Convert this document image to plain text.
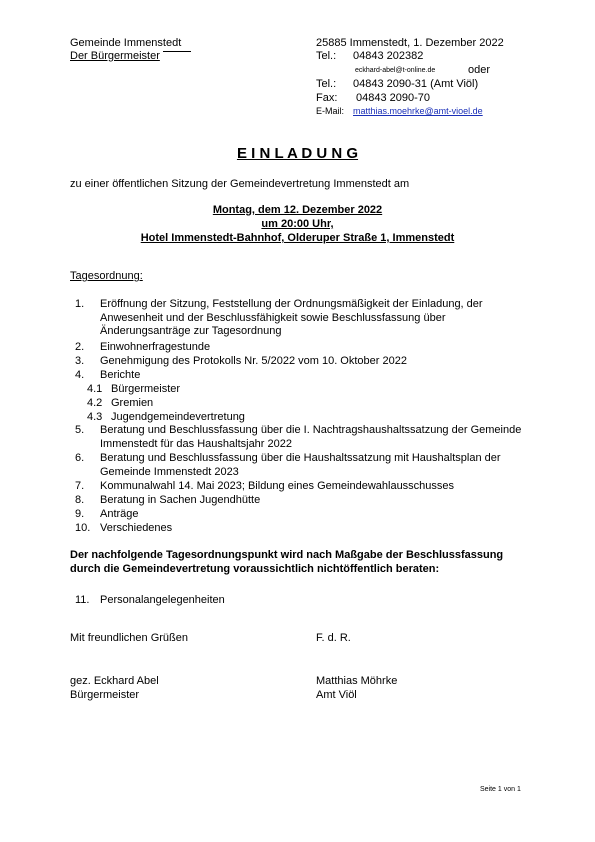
Gemeinde Immenstedt
Der Bürgermeister
25885 Immenstedt, 1. Dezember 2022
Tel.: 04843 202382
eckhard-abel@t-online.de	oder
Tel.: 04843 2090-31 (Amt Viöl)
Fax: 04843 2090-70
E-Mail: matthias.moehrke@amt-vioel.de
E I N L A D U N G
zu einer öffentlichen Sitzung der Gemeindevertretung Immenstedt am
Montag, dem 12. Dezember 2022
um 20:00 Uhr,
Hotel Immenstedt-Bahnhof, Olderuper Straße 1, Immenstedt
Tagesordnung:
1.	Eröffnung der Sitzung, Feststellung der Ordnungsmäßigkeit der Einladung, der Anwesenheit und der Beschlussfähigkeit sowie Beschlussfassung über Änderungsanträge zur Tagesordnung
2.	Einwohnerfragestunde
3.	Genehmigung des Protokolls Nr. 5/2022 vom 10. Oktober 2022
4.	Berichte
4.1 Bürgermeister
4.2 Gremien
4.3 Jugendgemeindevertretung
5.	Beratung und Beschlussfassung über die I. Nachtragshaushaltssatzung der Gemeinde Immenstedt für das Haushaltsjahr 2022
6.	Beratung und Beschlussfassung über die Haushaltssatzung mit Haushaltsplan der Gemeinde Immenstedt 2023
7.	Kommunalwahl 14. Mai 2023; Bildung eines Gemeindewahlausschusses
8.	Beratung in Sachen Jugendhütte
9.	Anträge
10. Verschiedenes
Der nachfolgende Tagesordnungspunkt wird nach Maßgabe der Beschlussfassung durch die Gemeindevertretung voraussichtlich nichtöffentlich beraten:
11. Personalangelegenheiten
Mit freundlichen Grüßen	F. d. R.
gez. Eckhard Abel
Bürgermeister
Matthias Möhrke
Amt Viöl
Seite 1 von 1
